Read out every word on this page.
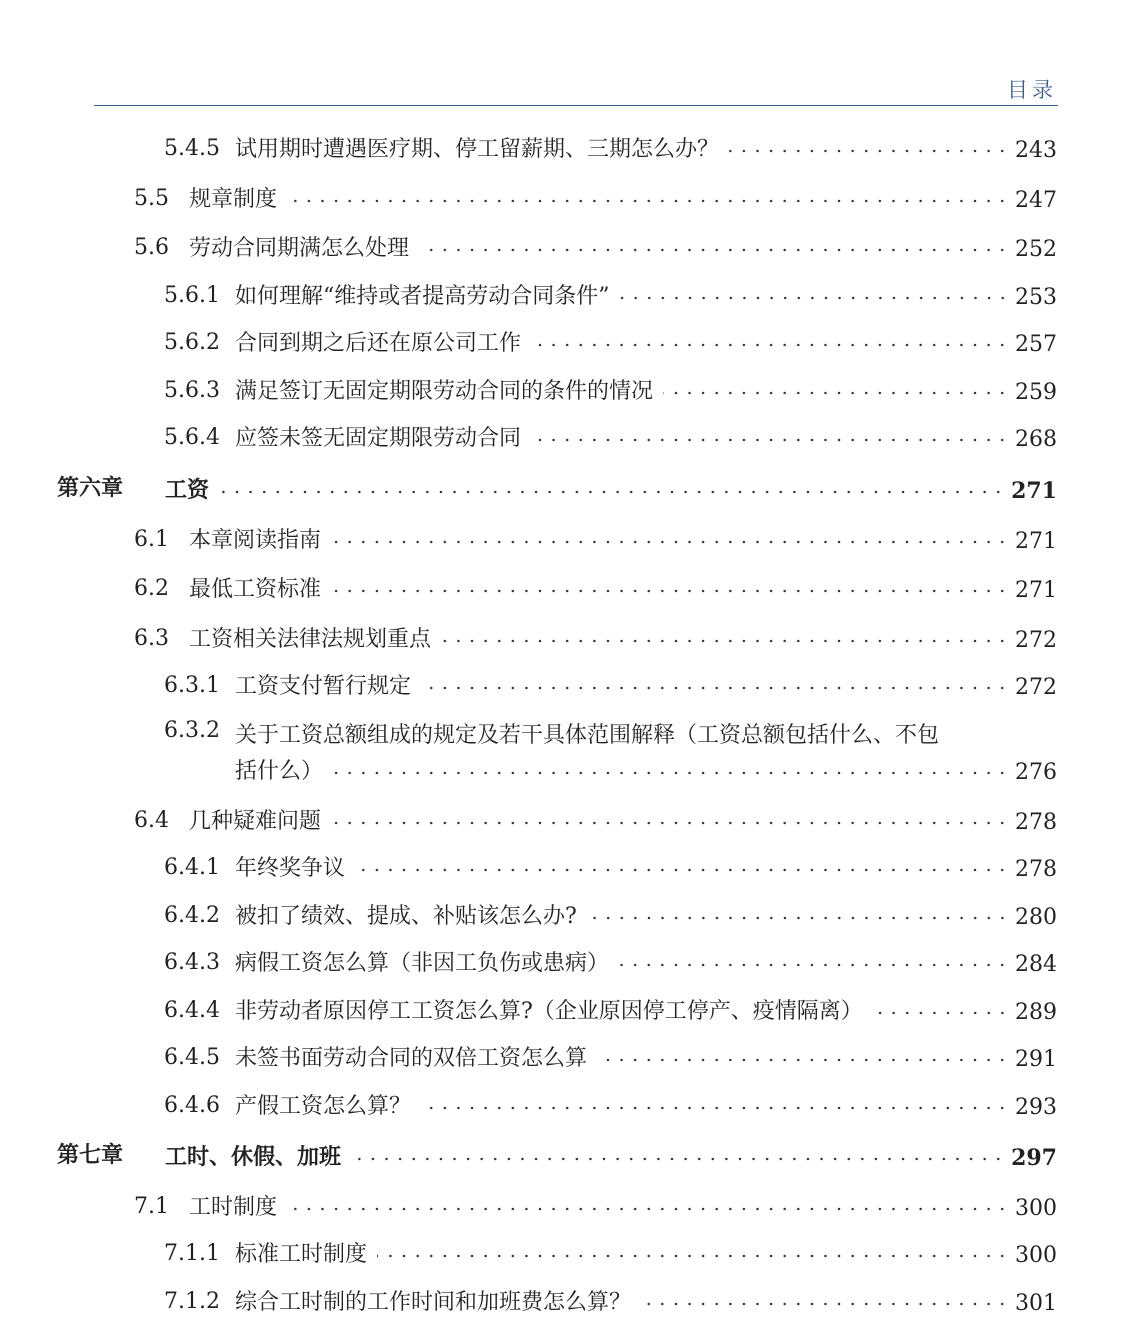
目录
5.4.5 试用期时遭遇医疗期、停工留薪期、三期怎么办？	243
5.5 规章制度	247
5.6 劳动合同期满怎么处理	252
5.6.1 如何理解“维持或者提高劳动合同条件”	253
5.6.2 合同到期之后还在原公司工作	257
5.6.3 满足签订无固定期限劳动合同的条件的情况	259
5.6.4 应签未签无固定期限劳动合同	268
第六章 工资	271
6.1 本章阅读指南	271
6.2 最低工资标准	271
6.3 工资相关法律法规划重点	272
6.3.1 工资支付暂行规定	272
6.3.2 关于工资总额组成的规定及若干具体范围解释（工资总额包括什么、不包
括什么）	276
6.4 几种疑难问题	278
6.4.1 年终奖争议	278
6.4.2 被扣了绩效、提成、补贴该怎么办?	280
6.4.3 病假工资怎么算（非因工负伤或患病）	284
6.4.4 非劳动者原因停工工资怎么算?（企业原因停工停产、疫情隔离）	289
6.4.5 未签书面劳动合同的双倍工资怎么算	291
6.4.6 产假工资怎么算？	293
第七章 工时、休假、加班	297
7.1 工时制度	300
7.1.1 标准工时制度	300
7.1.2 综合工时制的工作时间和加班费怎么算？	301
